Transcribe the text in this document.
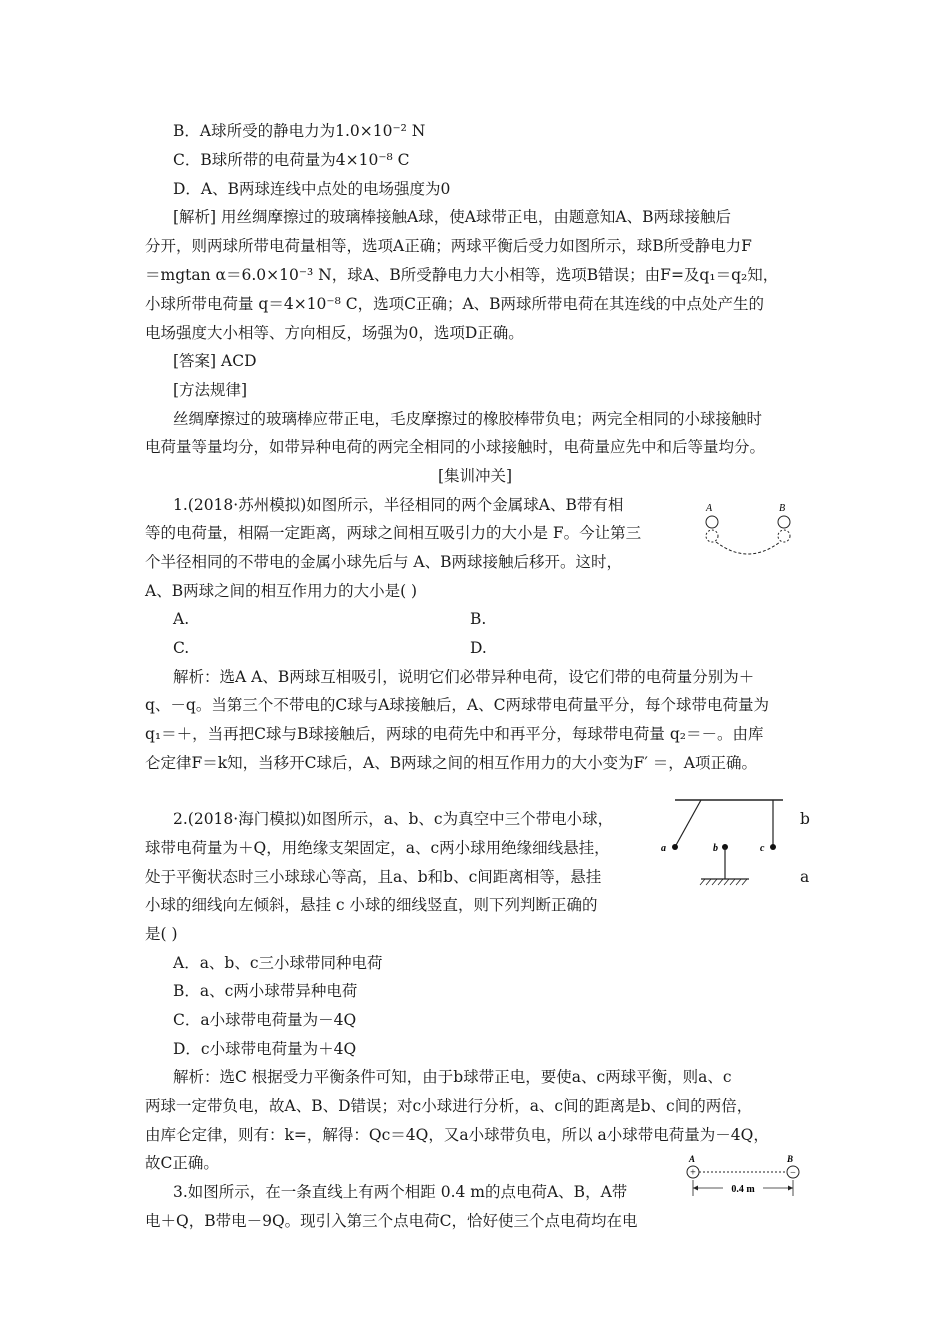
B．A球所受的静电力为1.0×10⁻² N
C．B球所带的电荷量为4×10⁻⁸ C
D．A、B两球连线中点处的电场强度为0
[解析] 用丝绸摩擦过的玻璃棒接触A球，使A球带正电，由题意知A、B两球接触后
分开，则两球所带电荷量相等，选项A正确；两球平衡后受力如图所示，球B所受静电力F
＝mgtan α＝6.0×10⁻³ N，球A、B所受静电力大小相等，选项B错误；由F=及q₁＝q₂知，
小球所带电荷量 q＝4×10⁻⁸ C，选项C正确；A、B两球所带电荷在其连线的中点处产生的
电场强度大小相等、方向相反，场强为0，选项D正确。
[答案] ACD
[方法规律]
丝绸摩擦过的玻璃棒应带正电，毛皮摩擦过的橡胶棒带负电；两完全相同的小球接触时
电荷量等量均分，如带异种电荷的两完全相同的小球接触时，电荷量应先中和后等量均分。
[集训冲关]
1.(2018·苏州模拟)如图所示，半径相同的两个金属球A、B带有相
等的电荷量，相隔一定距离，两球之间相互吸引力的大小是 F。今让第三
个半径相同的不带电的金属小球先后与 A、B两球接触后移开。这时，
A、B两球之间的相互作用力的大小是( )
A.	B.
C.	D.
解析：选A A、B两球互相吸引，说明它们必带异种电荷，设它们带的电荷量分别为＋
q、－q。当第三个不带电的C球与A球接触后，A、C两球带电荷量平分，每个球带电荷量为
q₁＝＋，当再把C球与B球接触后，两球的电荷先中和再平分，每球带电荷量 q₂＝－。由库
仑定律F＝k知，当移开C球后，A、B两球之间的相互作用力的大小变为F′ ＝，A项正确。
2.(2018·海门模拟)如图所示，a、b、c为真空中三个带电小球，
球带电荷量为＋Q，用绝缘支架固定，a、c两小球用绝缘细线悬挂，
处于平衡状态时三小球球心等高，且a、b和b、c间距离相等，悬挂
小球的细线向左倾斜，悬挂 c 小球的细线竖直，则下列判断正确的
是( )
b
a
A．a、b、c三小球带同种电荷
B．a、c两小球带异种电荷
C．a小球带电荷量为－4Q
D．c小球带电荷量为＋4Q
解析：选C 根据受力平衡条件可知，由于b球带正电，要使a、c两球平衡，则a、c
两球一定带负电，故A、B、D错误；对c小球进行分析，a、c间的距离是b、c间的两倍，
由库仑定律，则有：k=，解得：Qc＝4Q，又a小球带负电，所以 a小球带电荷量为－4Q，
故C正确。
3.如图所示，在一条直线上有两个相距 0.4 m的点电荷A、B，A带
电＋Q，B带电－9Q。现引入第三个点电荷C，恰好使三个点电荷均在电
A	B
a	b	c
A	B
+	−
0.4 m
